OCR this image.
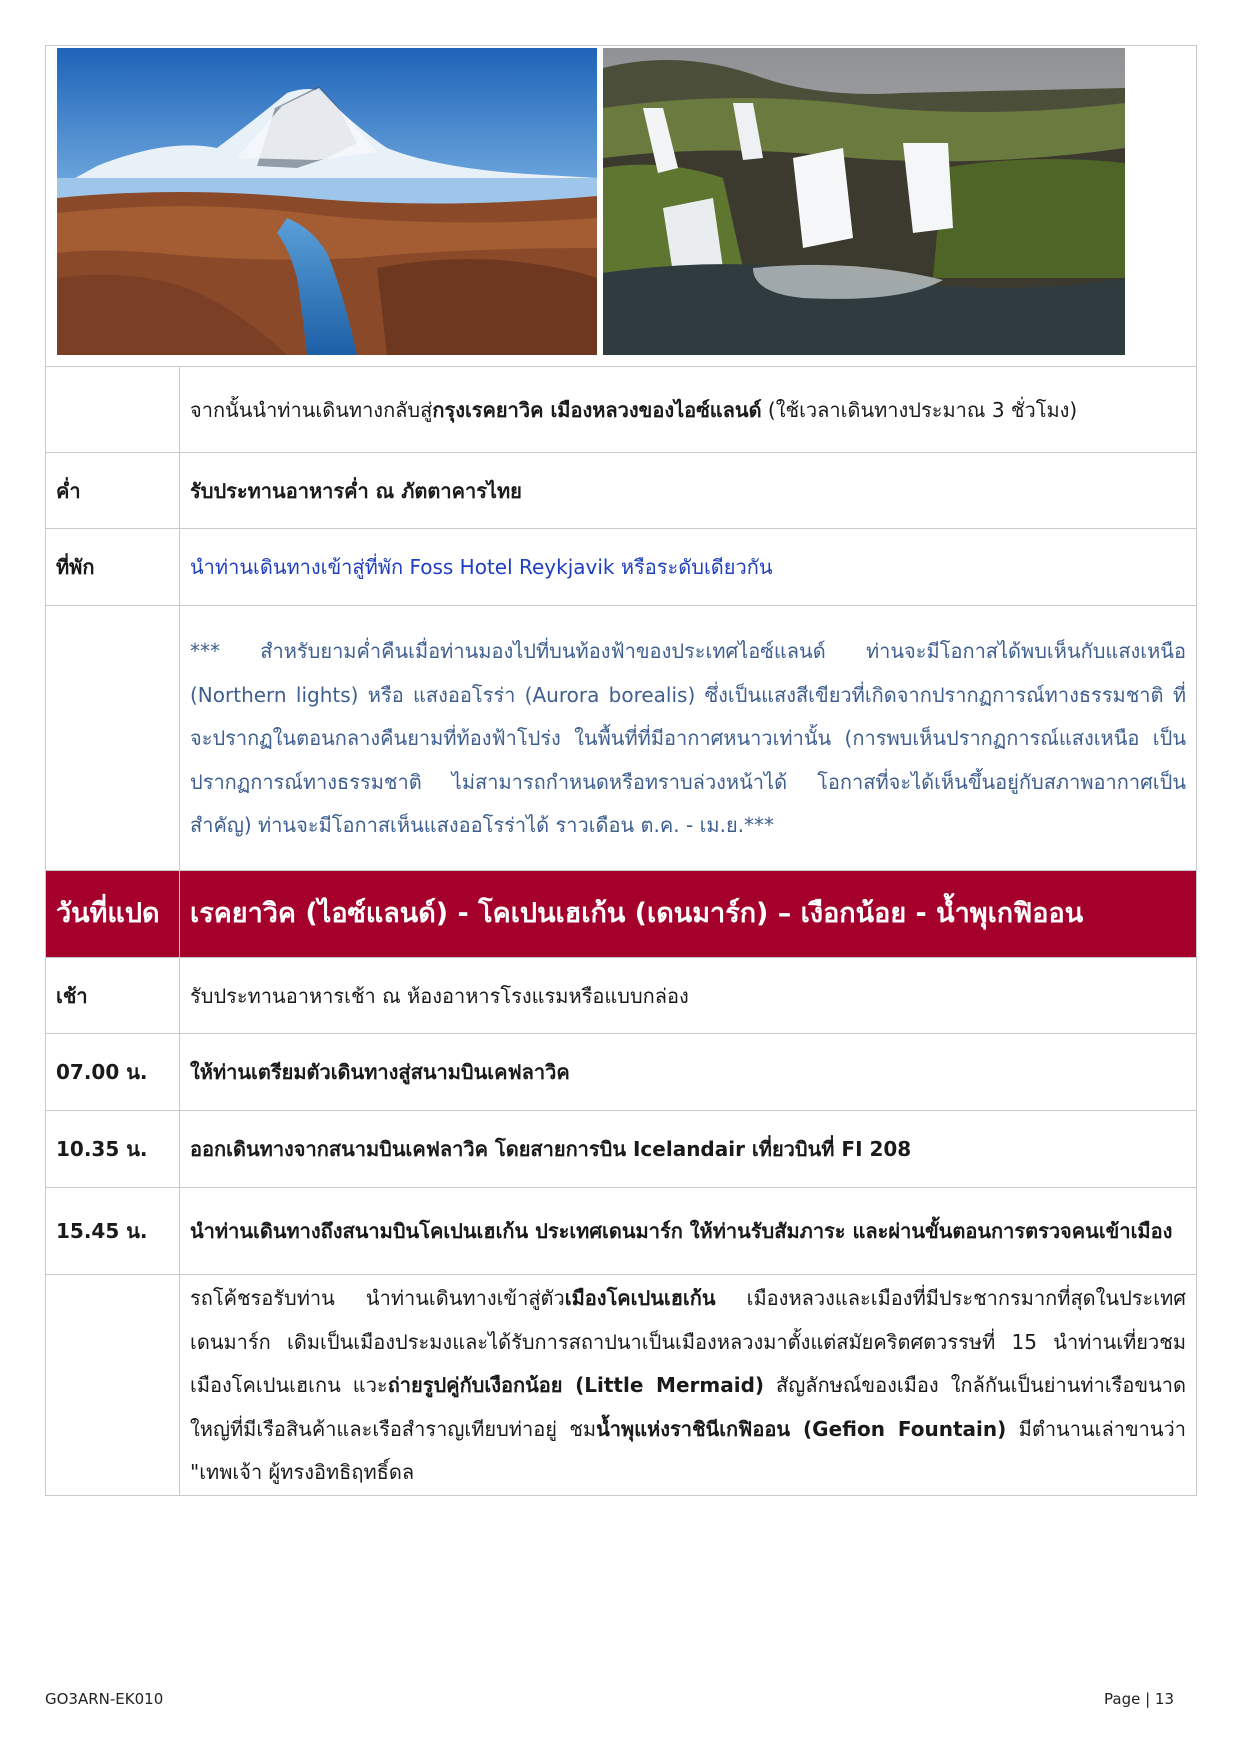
	จากนั้นนำท่านเดินทางกลับสู่กรุงเรคยาวิค เมืองหลวงของไอซ์แลนด์ (ใช้เวลาเดินทางประมาณ 3 ชั่วโมง)
ค่ำ	รับประทานอาหารค่ำ ณ ภัตตาคารไทย
ที่พัก	นำท่านเดินทางเข้าสู่ที่พัก Foss Hotel Reykjavik หรือระดับเดียวกัน
	*** สำหรับยามค่ำคืนเมื่อท่านมองไปที่บนท้องฟ้าของประเทศไอซ์แลนด์ ท่านจะมีโอกาสได้พบเห็นกับแสงเหนือ (Northern lights) หรือ แสงออโรร่า (Aurora borealis) ซึ่งเป็นแสงสีเขียวที่เกิดจากปรากฏการณ์ทางธรรมชาติ ที่จะปรากฏในตอนกลางคืนยามที่ท้องฟ้าโปร่ง ในพื้นที่ที่มีอากาศหนาวเท่านั้น (การพบเห็นปรากฏการณ์แสงเหนือ เป็นปรากฏการณ์ทางธรรมชาติ ไม่สามารถกำหนดหรือทราบล่วงหน้าได้ โอกาสที่จะได้เห็นขึ้นอยู่กับสภาพอากาศเป็นสำคัญ) ท่านจะมีโอกาสเห็นแสงออโรร่าได้ ราวเดือน ต.ค. - เม.ย.***
วันที่แปด	เรคยาวิค (ไอซ์แลนด์) - โคเปนเฮเก้น (เดนมาร์ก) – เงือกน้อย - น้ำพุเกฟิออน
เช้า	รับประทานอาหารเช้า ณ ห้องอาหารโรงแรมหรือแบบกล่อง
07.00 น.	ให้ท่านเตรียมตัวเดินทางสู่สนามบินเคฟลาวิค
10.35 น.	ออกเดินทางจากสนามบินเคฟลาวิค โดยสายการบิน Icelandair เที่ยวบินที่ FI 208
15.45 น.	นำท่านเดินทางถึงสนามบินโคเปนเฮเก้น ประเทศเดนมาร์ก ให้ท่านรับสัมภาระ และผ่านขั้นตอนการตรวจคนเข้าเมือง
	รถโค้ชรอรับท่าน นำท่านเดินทางเข้าสู่ตัวเมืองโคเปนเฮเก้น เมืองหลวงและเมืองที่มีประชากรมากที่สุดในประเทศเดนมาร์ก เดิมเป็นเมืองประมงและได้รับการสถาปนาเป็นเมืองหลวงมาตั้งแต่สมัยคริตศตวรรษที่ 15 นำท่านเที่ยวชมเมืองโคเปนเฮเกน แวะถ่ายรูปคู่กับเงือกน้อย (Little Mermaid) สัญลักษณ์ของเมือง ใกล้กันเป็นย่านท่าเรือขนาดใหญ่ที่มีเรือสินค้าและเรือสำราญเทียบท่าอยู่ ชมน้ำพุแห่งราชินีเกฟิออน (Gefion Fountain) มีตำนานเล่าขานว่า "เทพเจ้า ผู้ทรงอิทธิฤทธิ์ดล
GO3ARN-EK010	Page | 13
